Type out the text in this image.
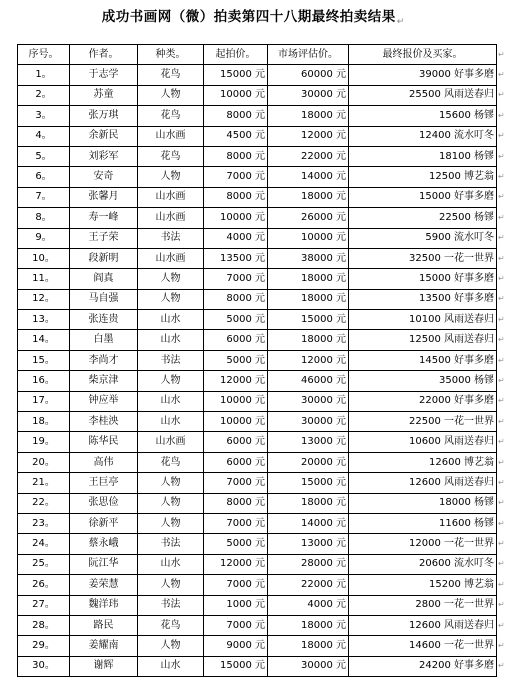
成功书画网（微）拍卖第四十八期最终拍卖结果↵
序号。	作者。	种类。	起拍价。	市场评估价。	最终报价及买家。
1。	于志学	花鸟	15000 元	60000 元	39000 好事多磨
2。	苏童	人物	10000 元	30000 元	25500 风雨送春归
3。	张万琪	花鸟	8000 元	18000 元	15600 杨镠
4。	余新民	山水画	4500 元	12000 元	12400 流水叮冬
5。	刘彩军	花鸟	8000 元	22000 元	18100 杨镠
6。	安奇	人物	7000 元	14000 元	12500 博艺翁
7。	张馨月	山水画	8000 元	18000 元	15000 好事多磨
8。	寿一峰	山水画	10000 元	26000 元	22500 杨镠
9。	王子荣	书法	4000 元	10000 元	5900 流水叮冬
10。	段新明	山水画	13500 元	38000 元	32500 一花一世界
11。	阎真	人物	7000 元	18000 元	15000 好事多磨
12。	马自强	人物	8000 元	18000 元	13500 好事多磨
13。	张连贵	山水	5000 元	15000 元	10100 风雨送春归
14。	白墨	山水	6000 元	18000 元	12500 风雨送春归
15。	李尚才	书法	5000 元	12000 元	14500 好事多磨
16。	柴京津	人物	12000 元	46000 元	35000 杨镠
17。	钟应举	山水	10000 元	30000 元	22000 好事多磨
18。	李桂泱	山水	10000 元	30000 元	22500 一花一世界
19。	陈华民	山水画	6000 元	13000 元	10600 风雨送春归
20。	高伟	花鸟	6000 元	20000 元	12600 博艺翁
21。	王巨亭	人物	7000 元	15000 元	12600 风雨送春归
22。	张思俭	人物	8000 元	18000 元	18000 杨镠
23。	徐新平	人物	7000 元	14000 元	11600 杨镠
24。	蔡永峨	书法	5000 元	13000 元	12000 一花一世界
25。	阮江华	山水	12000 元	28000 元	20600 流水叮冬
26。	姜荣慧	人物	7000 元	22000 元	15200 博艺翁
27。	魏洋玮	书法	1000 元	4000 元	2800 一花一世界
28。	路民	花鸟	7000 元	18000 元	12600 风雨送春归
29。	姜耀南	人物	9000 元	18000 元	14600 一花一世界
30。	谢辉	山水	15000 元	30000 元	24200 好事多磨
↵
↵
↵
↵
↵
↵
↵
↵
↵
↵
↵
↵
↵
↵
↵
↵
↵
↵
↵
↵
↵
↵
↵
↵
↵
↵
↵
↵
↵
↵
↵
